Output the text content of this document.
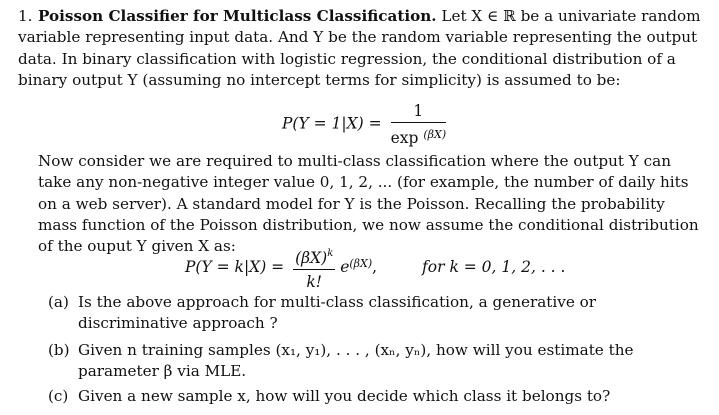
1. Poisson Classifier for Multiclass Classification. Let X ∈ ℝ be a univariate random variable representing input data. And Y be the random variable representing the output data. In binary classification with logistic regression, the conditional distribution of a binary output Y (assuming no intercept terms for simplicity) is assumed to be:
$P(Y = 1|X) = \frac{1}{\exp ^{(\beta X)}}$
Now consider we are required to multi-class classification where the output Y can take any non-negative integer value 0, 1, 2, ... (for example, the number of daily hits on a web server). A standard model for Y is the Poisson. Recalling the probability mass function of the Poisson distribution, we now assume the conditional distribution of the ouput Y given X as:
$P(Y = k|X) = \frac{(\beta X)^k}{k!} e^{(\beta X)}$,	for k = 0, 1, 2, . . .
(a) Is the above approach for multi-class classification, a generative or discriminative approach ?
(b) Given n training samples (x₁, y₁), . . . , (xₙ, yₙ), how will you estimate the parameter β via MLE.
(c) Given a new sample x, how will you decide which class it belongs to?
